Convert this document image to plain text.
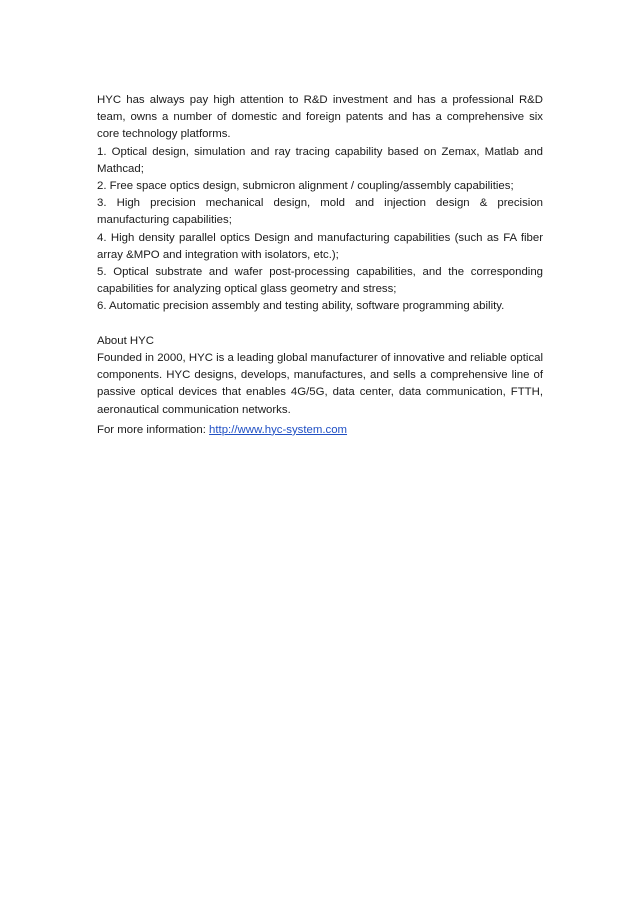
HYC has always pay high attention to R&D investment and has a professional R&D team, owns a number of domestic and foreign patents and has a comprehensive six core technology platforms.

1. Optical design, simulation and ray tracing capability based on Zemax, Matlab and Mathcad;

2. Free space optics design, submicron alignment / coupling/assembly capabilities;

3. High precision mechanical design, mold and injection design & precision manufacturing capabilities;

4. High density parallel optics Design and manufacturing capabilities (such as FA fiber array &MPO and integration with isolators, etc.);

5. Optical substrate and wafer post-processing capabilities, and the corresponding capabilities for analyzing optical glass geometry and stress;

6. Automatic precision assembly and testing ability, software programming ability.

About HYC

Founded in 2000, HYC is a leading global manufacturer of innovative and reliable optical components. HYC designs, develops, manufactures, and sells a comprehensive line of passive optical devices that enables 4G/5G, data center, data communication, FTTH, aeronautical communication networks.

For more information: http://www.hyc-system.com
